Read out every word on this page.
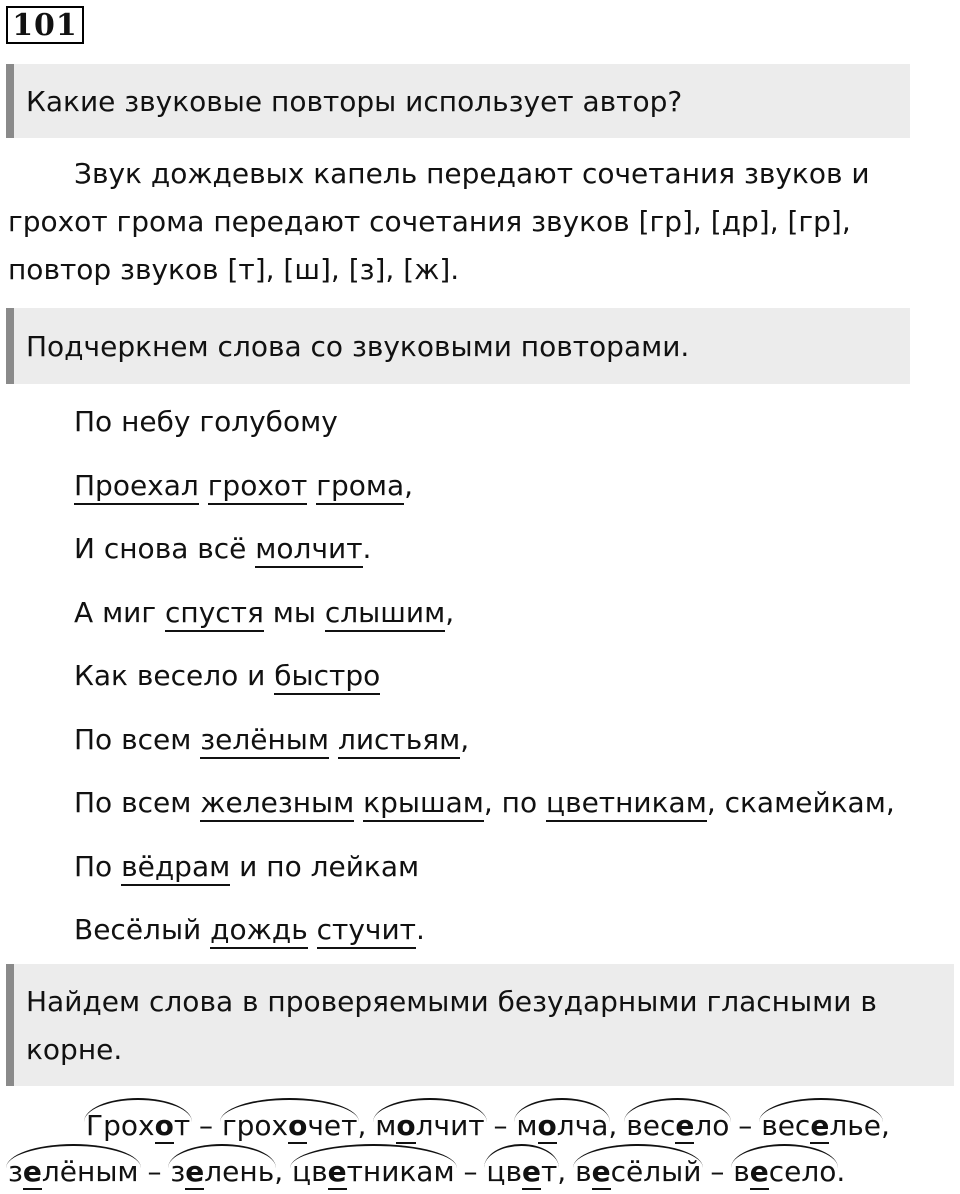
101
Какие звуковые повторы использует автор?
Звук дождевых капель передают сочетания звуков и
грохот грома передают сочетания звуков [гр], [др], [гр],
повтор звуков [т], [ш], [з], [ж].
Подчеркнем слова со звуковыми повторами.
По небу голубому
Проехал грохот грома,
И снова всё молчит.
А миг спустя мы слышим,
Как весело и быстро
По всем зелёным листьям,
По всем железным крышам, по цветникам, скамейкам,
По вёдрам и по лейкам
Весёлый дождь стучит.
Найдем слова в проверяемыми безударными гласными в корне.
Грохот – грохочет, молчит – молча, весело – веселье,
зелёным – зелень, цветникам – цвет, весёлый – весело.
